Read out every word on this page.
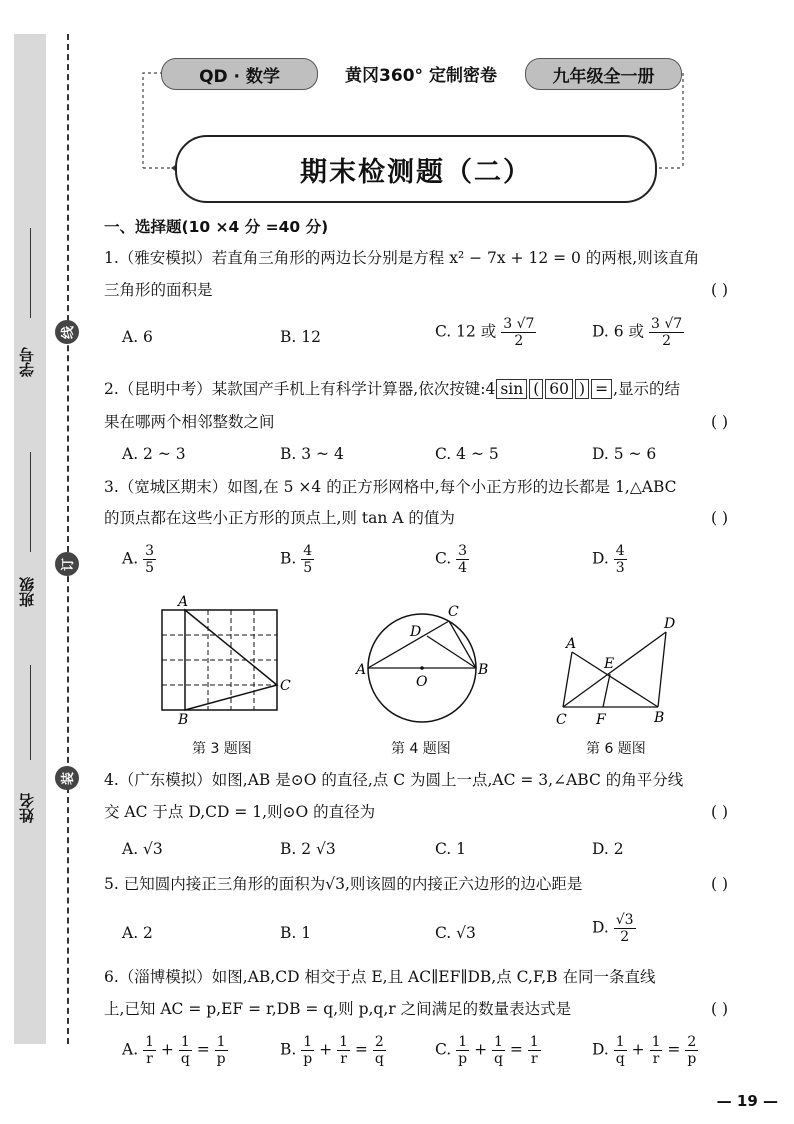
学号
班级
姓名
线
订
装
QD · 数学	黄冈360° 定制密卷	九年级全一册
期末检测题（二）
一、选择题(10 ×4 分 =40 分)
1.（雅安模拟）若直角三角形的两边长分别是方程 x² − 7x + 12 = 0 的两根,则该直角
三角形的面积是	( )
A. 6	B. 12	C. 12 或 $\frac{3 √7}{2}$	D. 6 或 $\frac{3 √7}{2}$
2.（昆明中考）某款国产手机上有科学计算器,依次按键:4 sin ( 60 ) = ,显示的结
果在哪两个相邻整数之间	( )
A. 2 ~ 3	B. 3 ~ 4	C. 4 ~ 5	D. 5 ~ 6
3.（宽城区期末）如图,在 5 ×4 的正方形网格中,每个小正方形的边长都是 1,△ABC
的顶点都在这些小正方形的顶点上,则 tan A 的值为	( )
A. $\frac{3}{5}$	B. $\frac{4}{5}$	C. $\frac{3}{4}$	D. $\frac{4}{3}$
A
B
C
第 3 题图
A	B
C
D
O
第 4 题图
A
B
C
D
E
F
第 6 题图
4.（广东模拟）如图,AB 是⊙O 的直径,点 C 为圆上一点,AC = 3,∠ABC 的角平分线
交 AC 于点 D,CD = 1,则⊙O 的直径为	( )
A. √3	B. 2 √3	C. 1	D. 2
5. 已知圆内接正三角形的面积为√3,则该圆的内接正六边形的边心距是	( )
A. 2	B. 1	C. √3	D. $\frac{√3}{2}$
6.（淄博模拟）如图,AB,CD 相交于点 E,且 AC∥EF∥DB,点 C,F,B 在同一条直线
上,已知 AC = p,EF = r,DB = q,则 p,q,r 之间满足的数量表达式是	( )
A. $\frac{1}{r} + \frac{1}{q} = \frac{1}{p}$	B. $\frac{1}{p} + \frac{1}{r} = \frac{2}{q}$	C. $\frac{1}{p} + \frac{1}{q} = \frac{1}{r}$	D. $\frac{1}{q} + \frac{1}{r} = \frac{2}{p}$
— 19 —
